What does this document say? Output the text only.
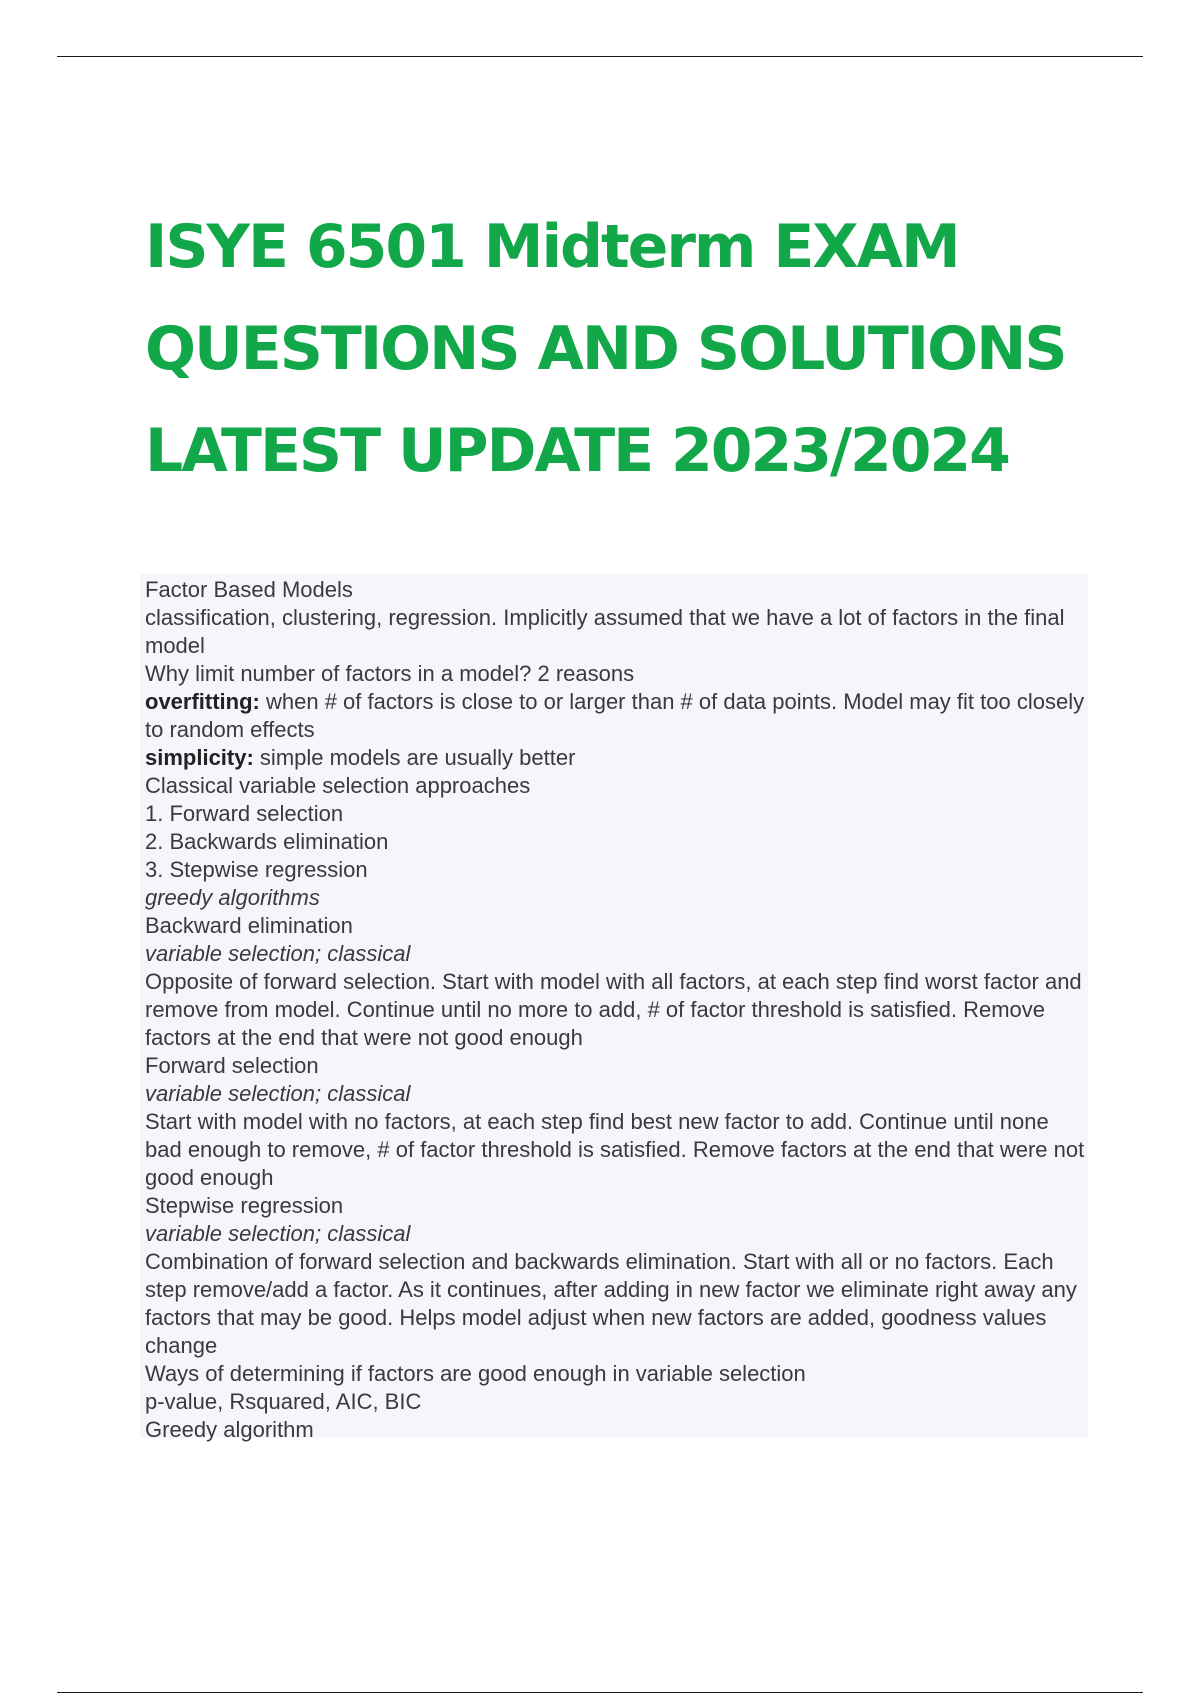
ISYE 6501 Midterm EXAM
QUESTIONS AND SOLUTIONS
LATEST UPDATE 2023/2024

Factor Based Models

classification, clustering, regression. Implicitly assumed that we have a lot of factors in the final model

Why limit number of factors in a model? 2 reasons

overfitting: when # of factors is close to or larger than # of data points. Model may fit too closely to random effects

simplicity: simple models are usually better

Classical variable selection approaches

1. Forward selection

2. Backwards elimination

3. Stepwise regression

greedy algorithms

Backward elimination

variable selection; classical

Opposite of forward selection. Start with model with all factors, at each step find worst factor and remove from model. Continue until no more to add, # of factor threshold is satisfied. Remove factors at the end that were not good enough

Forward selection

variable selection; classical

Start with model with no factors, at each step find best new factor to add. Continue until none bad enough to remove, # of factor threshold is satisfied. Remove factors at the end that were not good enough

Stepwise regression

variable selection; classical

Combination of forward selection and backwards elimination. Start with all or no factors. Each step remove/add a factor. As it continues, after adding in new factor we eliminate right away any factors that may be good. Helps model adjust when new factors are added, goodness values change

Ways of determining if factors are good enough in variable selection

p-value, Rsquared, AIC, BIC

Greedy algorithm
